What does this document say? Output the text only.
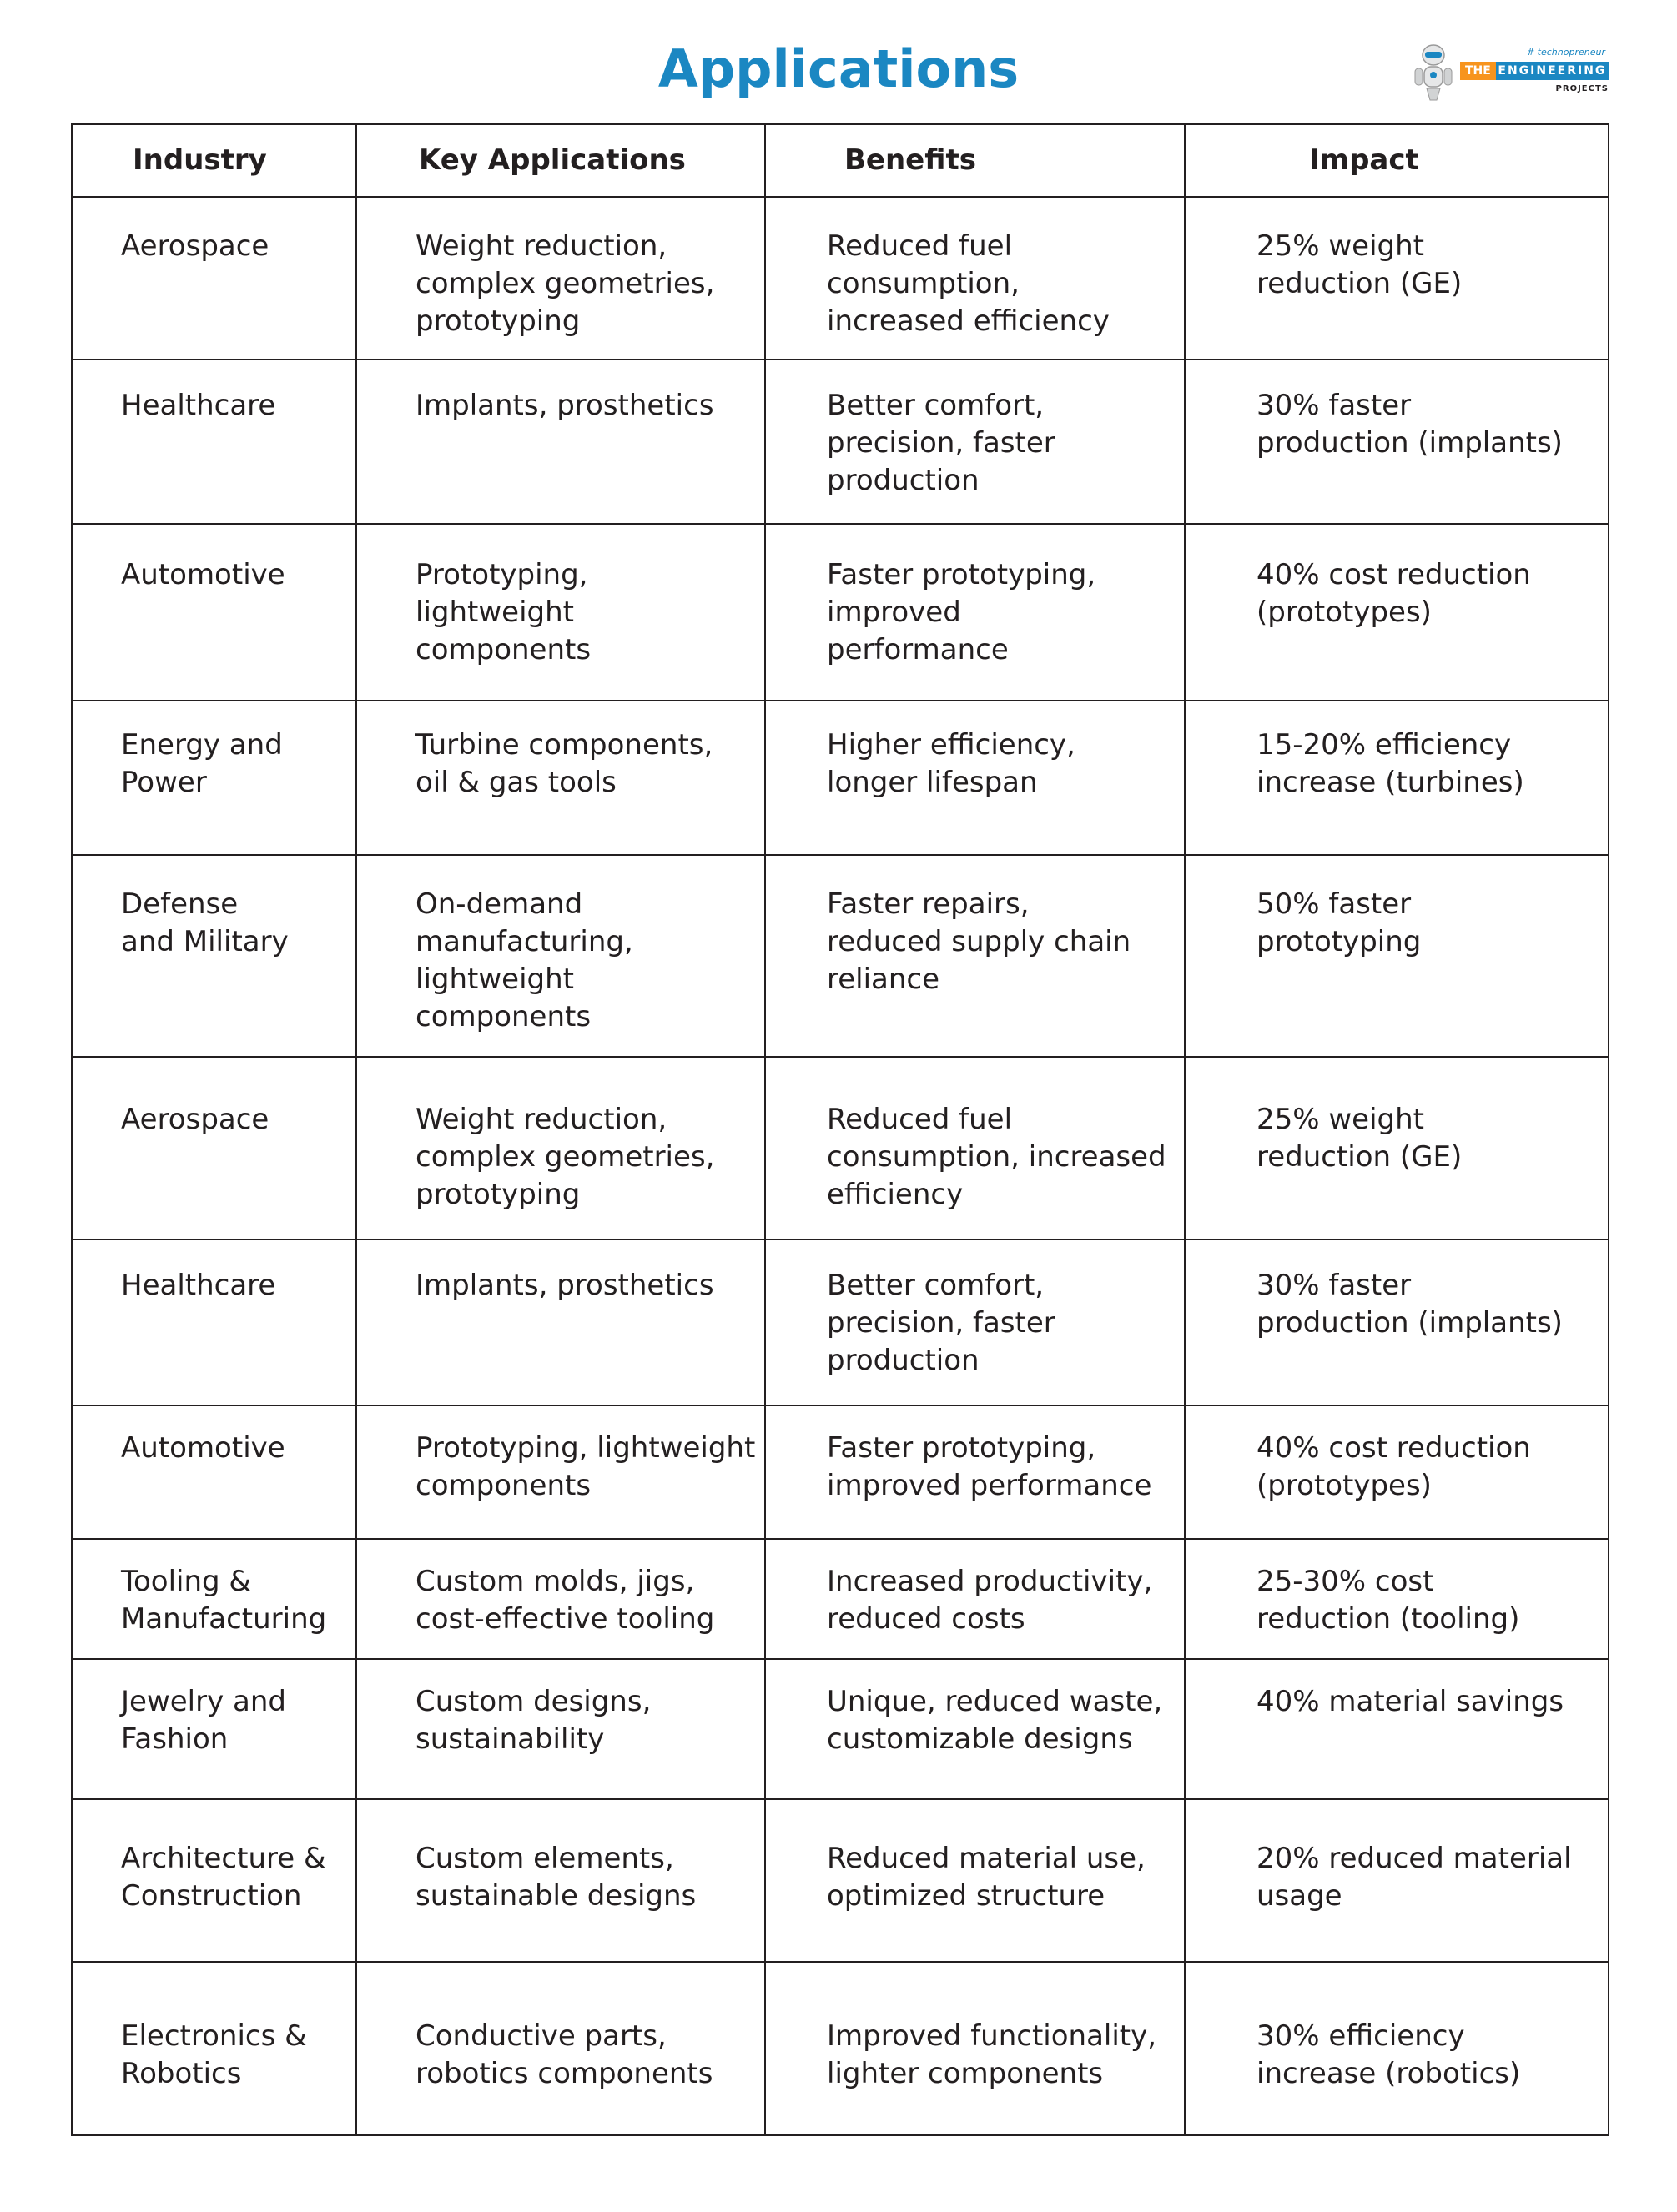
Applications	# technopreneur
THE ENGINEERING
PROJECTS
Industry	Key Applications	Benefits	Impact

Aerospace	Weight reduction,
complex geometries,
prototyping	Reduced fuel
consumption,
increased efficiency	25% weight
reduction (GE)

Healthcare	Implants, prosthetics	Better comfort,
precision, faster
production	30% faster
production (implants)

Automotive	Prototyping,
lightweight
components	Faster prototyping,
improved
performance	40% cost reduction
(prototypes)

Energy and
Power	Turbine components,
oil & gas tools	Higher efficiency,
longer lifespan	15-20% efficiency
increase (turbines)

Defense
and Military	On-demand
manufacturing,
lightweight
components	Faster repairs,
reduced supply chain
reliance	50% faster
prototyping

Aerospace	Weight reduction,
complex geometries,
prototyping	Reduced fuel
consumption, increased
efficiency	25% weight
reduction (GE)

Healthcare	Implants, prosthetics	Better comfort,
precision, faster
production	30% faster
production (implants)

Automotive	Prototyping, lightweight
components	Faster prototyping,
improved performance	40% cost reduction
(prototypes)

Tooling &
Manufacturing	Custom molds, jigs,
cost-effective tooling	Increased productivity,
reduced costs	25-30% cost
reduction (tooling)

Jewelry and
Fashion	Custom designs,
sustainability	Unique, reduced waste,
customizable designs	40% material savings

Architecture &
Construction	Custom elements,
sustainable designs	Reduced material use,
optimized structure	20% reduced material
usage

Electronics &
Robotics	Conductive parts,
robotics components	Improved functionality,
lighter components	30% efficiency
increase (robotics)
